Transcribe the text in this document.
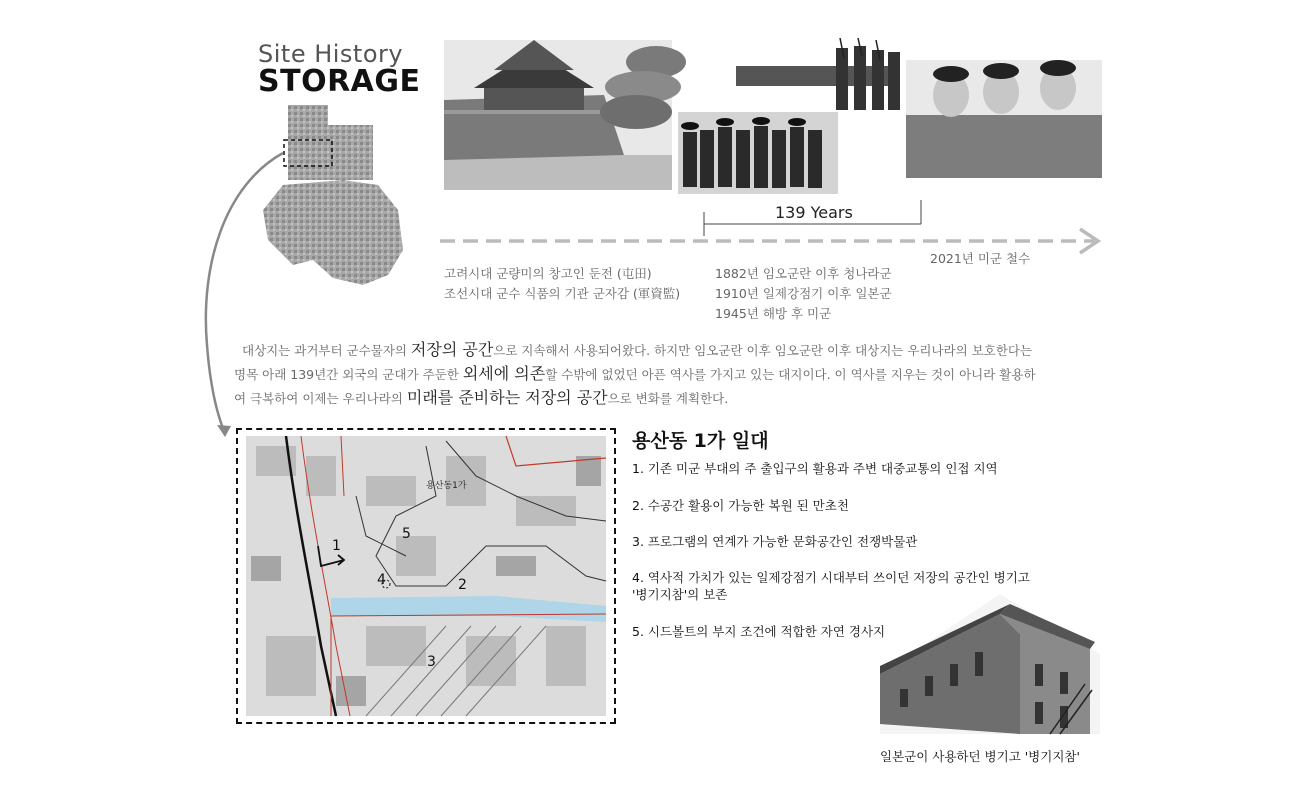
Site History
STORAGE
139 Years
고려시대 군량미의 창고인 둔전 (屯田)
조선시대 군수 식품의 기관 군자감 (軍資監)
1882년 임오군란 이후 청나라군
1910년 일제강점기 이후 일본군
1945년 해방 후 미군
2021년 미군 철수
대상지는 과거부터 군수물자의 저장의 공간으로 지속해서 사용되어왔다. 하지만 임오군란 이후 임오군란 이후 대상지는 우리나라의 보호한다는
명목 아래 139년간 외국의 군대가 주둔한 외세에 의존할 수밖에 없었던 아픈 역사를 가지고 있는 대지이다. 이 역사를 지우는 것이 아니라 활용하
여 극복하여 이제는 우리나라의 미래를 준비하는 저장의 공간으로 변화를 계획한다.
용산동1가
1
5
4	2
3
용산동 1가 일대
1. 기존 미군 부대의 주 출입구의 활용과 주변 대중교통의 인접 지역
2. 수공간 활용이 가능한 복원 된 만초천
3. 프로그램의 연계가 가능한 문화공간인 전쟁박물관
4. 역사적 가치가 있는 일제강점기 시대부터 쓰이던 저장의 공간인 병기고
'병기지참'의 보존
5. 시드볼트의 부지 조건에 적합한 자연 경사지
일본군이 사용하던 병기고 '병기지참'
